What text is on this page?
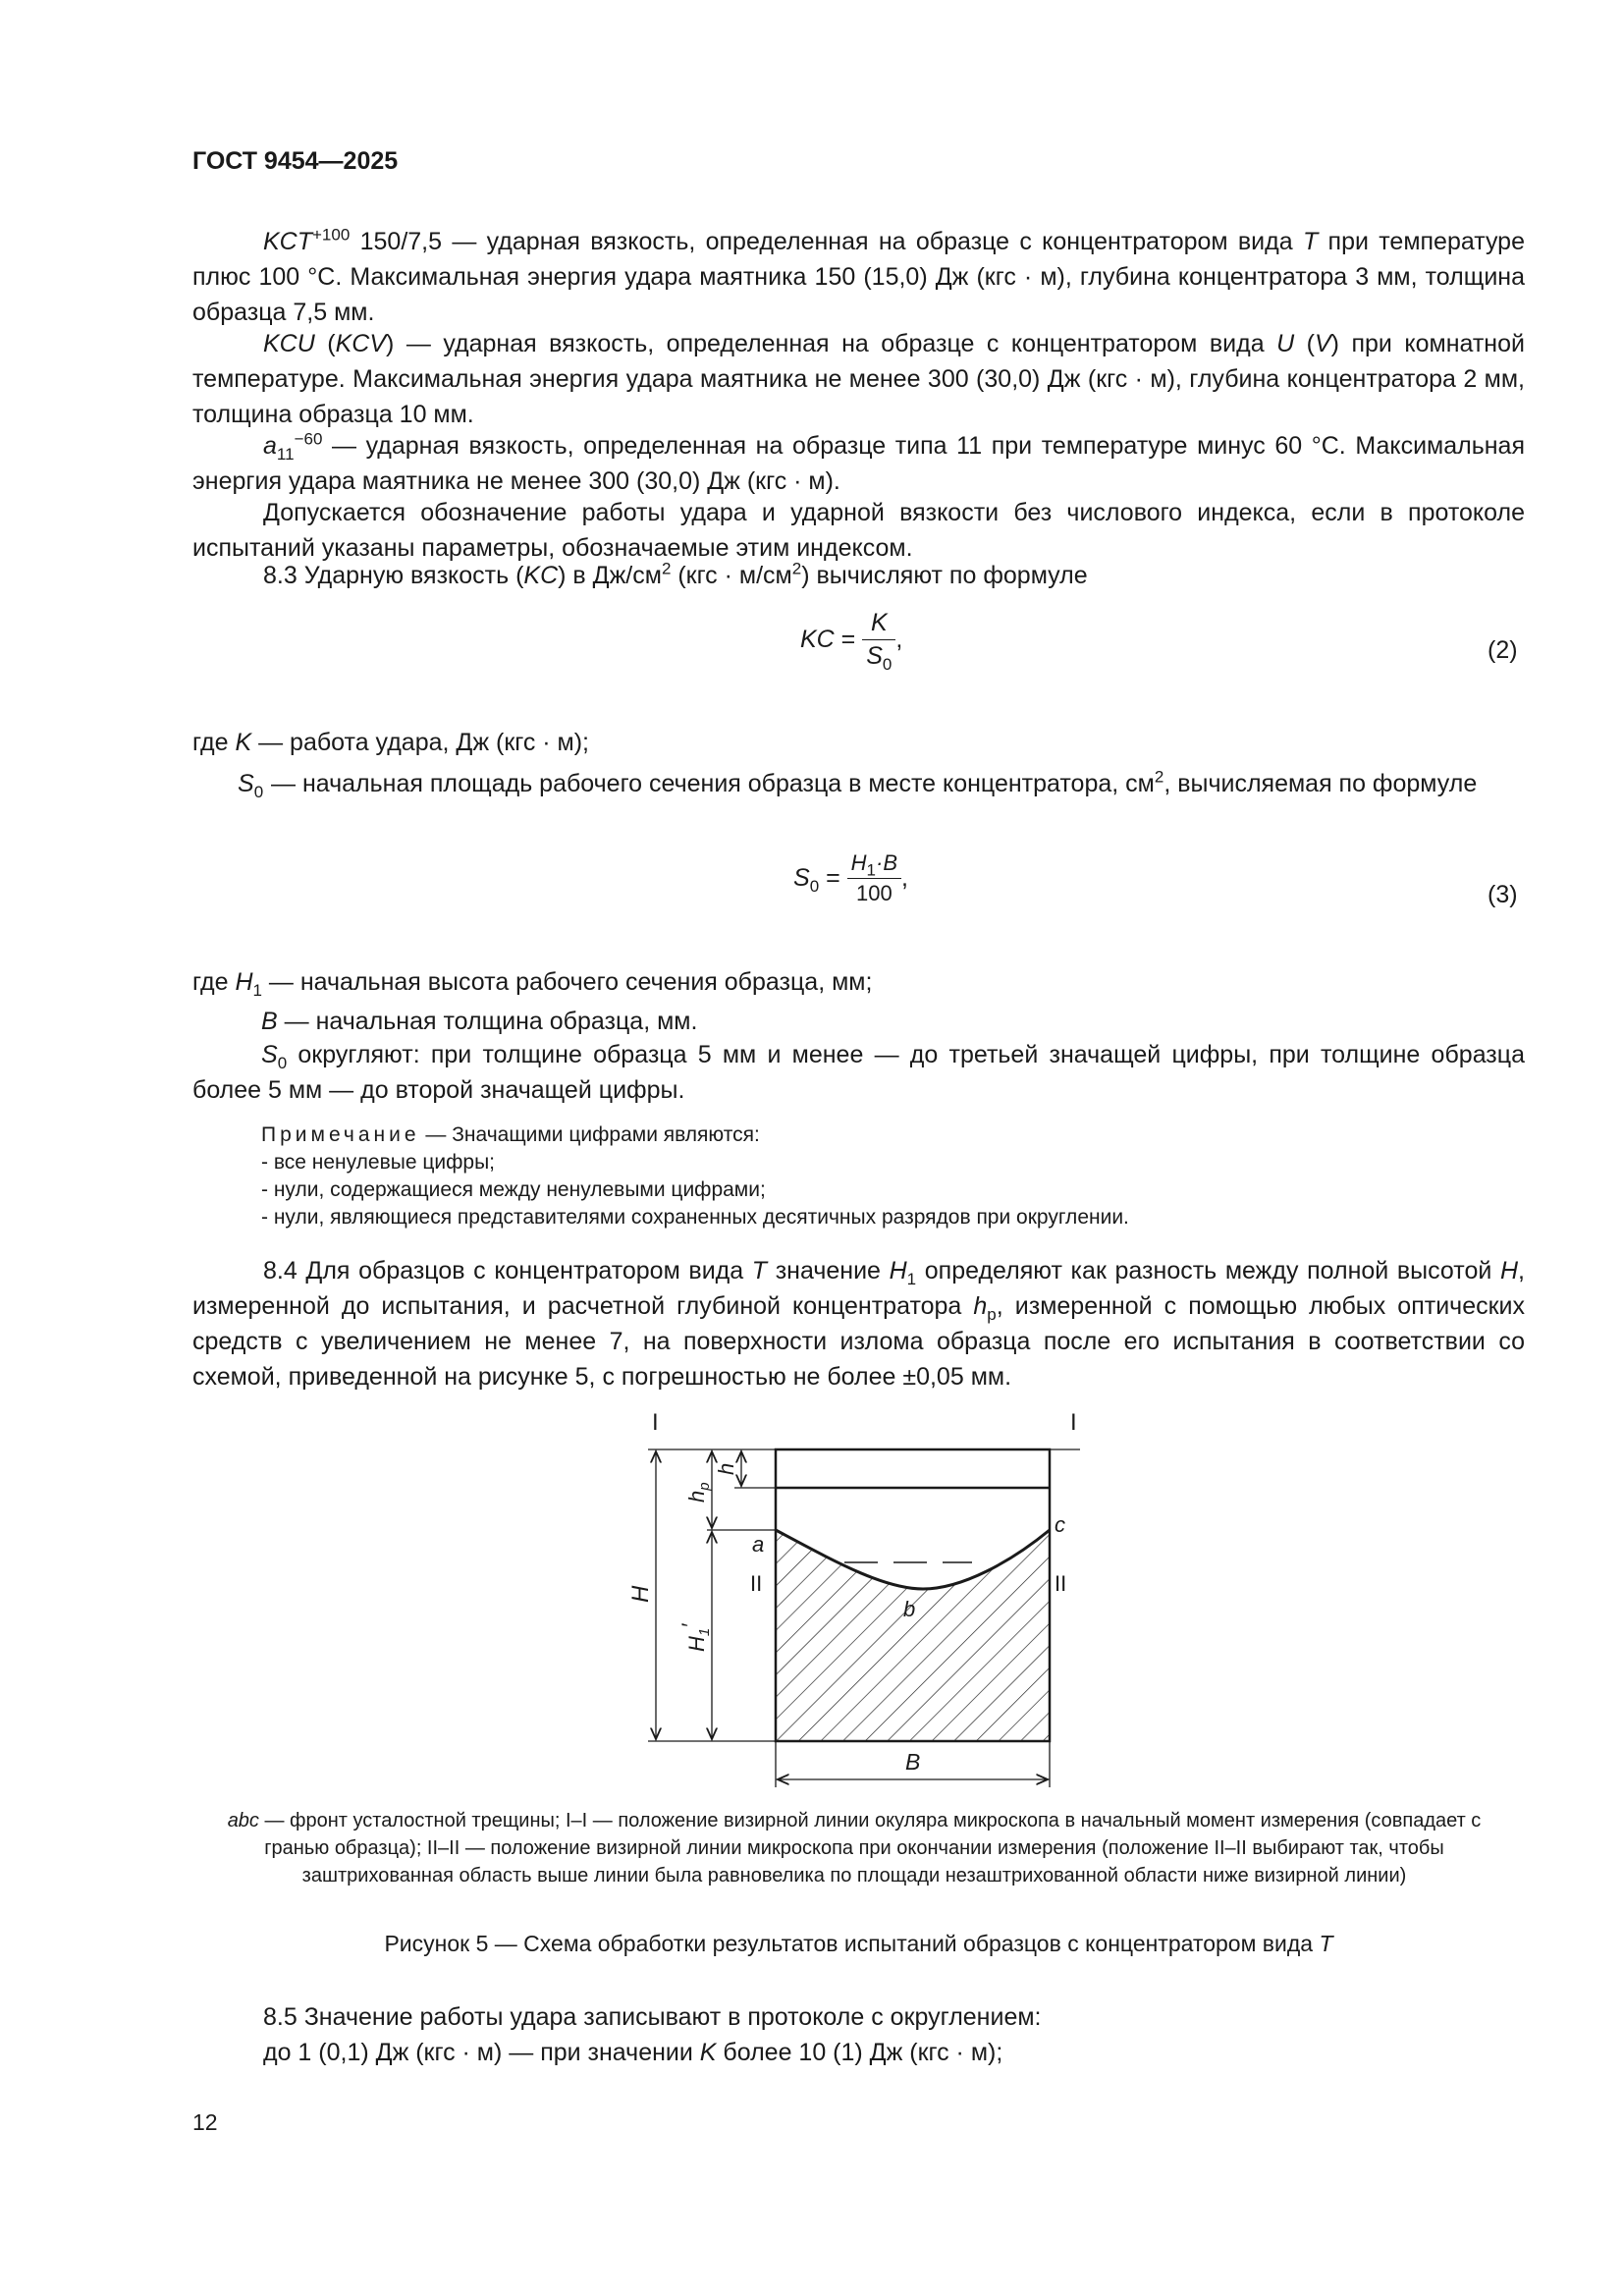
ГОСТ 9454—2025
$KCT^{+100}$ 150/7,5 — ударная вязкость, определенная на образце с концентратором вида T при температуре плюс 100 °С. Максимальная энергия удара маятника 150 (15,0) Дж (кгс · м), глубина концентратора 3 мм, толщина образца 7,5 мм.
KCU (KCV) — ударная вязкость, определенная на образце с концентратором вида U (V) при комнатной температуре. Максимальная энергия удара маятника не менее 300 (30,0) Дж (кгс · м), глубина концентратора 2 мм, толщина образца 10 мм.
$a_{11}^{-60}$ — ударная вязкость, определенная на образце типа 11 при температуре минус 60 °С. Максимальная энергия удара маятника не менее 300 (30,0) Дж (кгс · м).
Допускается обозначение работы удара и ударной вязкости без числового индекса, если в протоколе испытаний указаны параметры, обозначаемые этим индексом.
8.3 Ударную вязкость (KC) в $Дж/см^2$ $(кгс \cdot м/см^2)$ вычисляют по формуле
KC = $\frac{K}{S_0}$ ,	(2)
где K — работа удара, Дж (кгс · м);
$S_0$ — начальная площадь рабочего сечения образца в месте концентратора, $см^2$, вычисляемая по формуле
$S_0 = \frac{H_1\cdot B}{100}$ ,
(3)
где $H_1$ — начальная высота рабочего сечения образца, мм;
B — начальная толщина образца, мм.
$S_0$ округляют: при толщине образца 5 мм и менее — до третьей значащей цифры, при толщине образца более 5 мм — до второй значащей цифры.
Примечание — Значащими цифрами являются:
- все ненулевые цифры;
- нули, содержащиеся между ненулевыми цифрами;
- нули, являющиеся представителями сохраненных десятичных разрядов при округлении.
8.4 Для образцов с концентратором вида T значение $H_1$ определяют как разность между полной высотой H, измеренной до испытания, и расчетной глубиной концентратора $h_p$, измеренной с помощью любых оптических средств с увеличением не менее 7, на поверхности излома образца после его испытания в соответствии со схемой, приведенной на рисунке 5, с погрешностью не более ±0,05 мм.
I	I
II	II
a
b
c
H
$h_p$
$H_1'$
h
B
abc — фронт усталостной трещины; I–I — положение визирной линии окуляра микроскопа в начальный момент измерения (совпадает с гранью образца); II–II — положение визирной линии микроскопа при окончании измерения (положение II–II выбирают так, чтобы заштрихованная область выше линии была равновелика по площади незаштрихованной области ниже визирной линии)
Рисунок 5 — Схема обработки результатов испытаний образцов с концентратором вида T
8.5 Значение работы удара записывают в протоколе с округлением:
до 1 (0,1) Дж (кгс · м) — при значении K более 10 (1) Дж (кгс · м);
12
